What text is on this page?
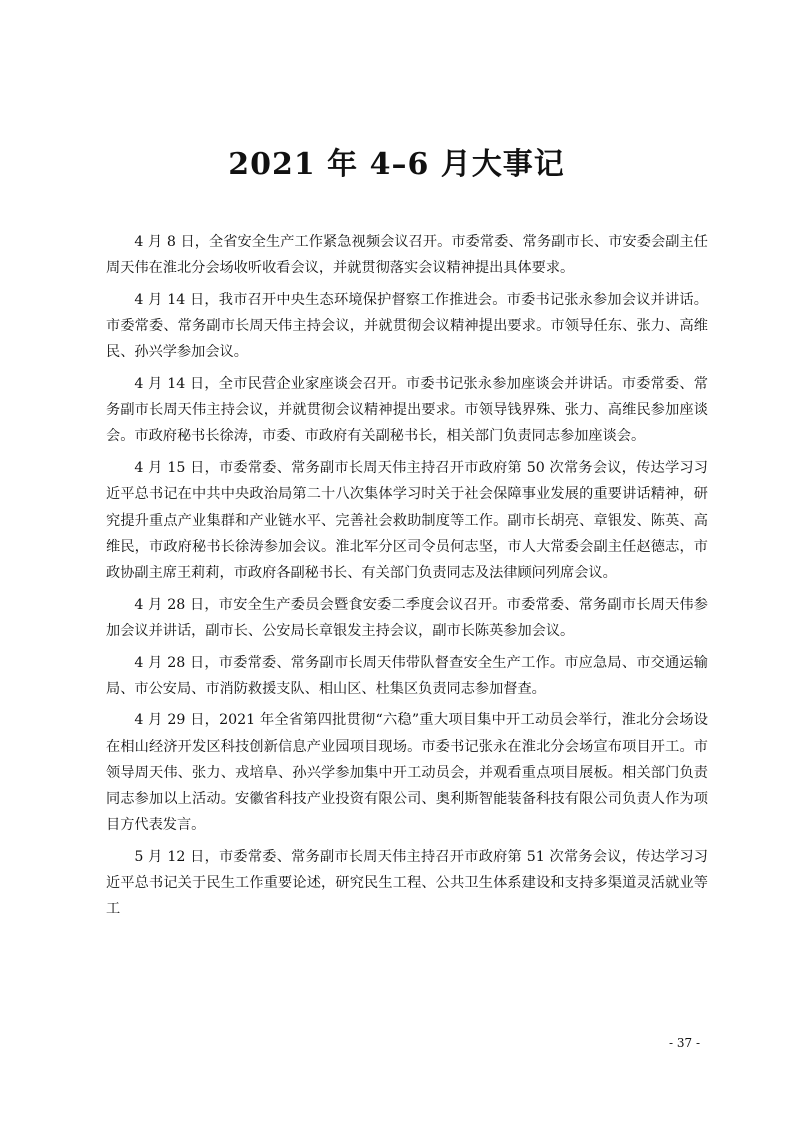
2021 年 4–6 月大事记

4 月 8 日，全省安全生产工作紧急视频会议召开。市委常委、常务副市长、市安委会副主任周天伟在淮北分会场收听收看会议，并就贯彻落实会议精神提出具体要求。

4 月 14 日，我市召开中央生态环境保护督察工作推进会。市委书记张永参加会议并讲话。市委常委、常务副市长周天伟主持会议，并就贯彻会议精神提出要求。市领导任东、张力、高维民、孙兴学参加会议。

4 月 14 日，全市民营企业家座谈会召开。市委书记张永参加座谈会并讲话。市委常委、常务副市长周天伟主持会议，并就贯彻会议精神提出要求。市领导钱界殊、张力、高维民参加座谈会。市政府秘书长徐涛，市委、市政府有关副秘书长，相关部门负责同志参加座谈会。

4 月 15 日，市委常委、常务副市长周天伟主持召开市政府第 50 次常务会议，传达学习习近平总书记在中共中央政治局第二十八次集体学习时关于社会保障事业发展的重要讲话精神，研究提升重点产业集群和产业链水平、完善社会救助制度等工作。副市长胡亮、章银发、陈英、高维民，市政府秘书长徐涛参加会议。淮北军分区司令员何志坚，市人大常委会副主任赵德志，市政协副主席王莉莉，市政府各副秘书长、有关部门负责同志及法律顾问列席会议。

4 月 28 日，市安全生产委员会暨食安委二季度会议召开。市委常委、常务副市长周天伟参加会议并讲话，副市长、公安局长章银发主持会议，副市长陈英参加会议。

4 月 28 日，市委常委、常务副市长周天伟带队督查安全生产工作。市应急局、市交通运输局、市公安局、市消防救援支队、相山区、杜集区负责同志参加督查。

4 月 29 日，2021 年全省第四批贯彻“六稳”重大项目集中开工动员会举行，淮北分会场设在相山经济开发区科技创新信息产业园项目现场。市委书记张永在淮北分会场宣布项目开工。市领导周天伟、张力、戎培阜、孙兴学参加集中开工动员会，并观看重点项目展板。相关部门负责同志参加以上活动。安徽省科技产业投资有限公司、奥利斯智能装备科技有限公司负责人作为项目方代表发言。

5 月 12 日，市委常委、常务副市长周天伟主持召开市政府第 51 次常务会议，传达学习习近平总书记关于民生工作重要论述，研究民生工程、公共卫生体系建设和支持多渠道灵活就业等工

- 37 -
